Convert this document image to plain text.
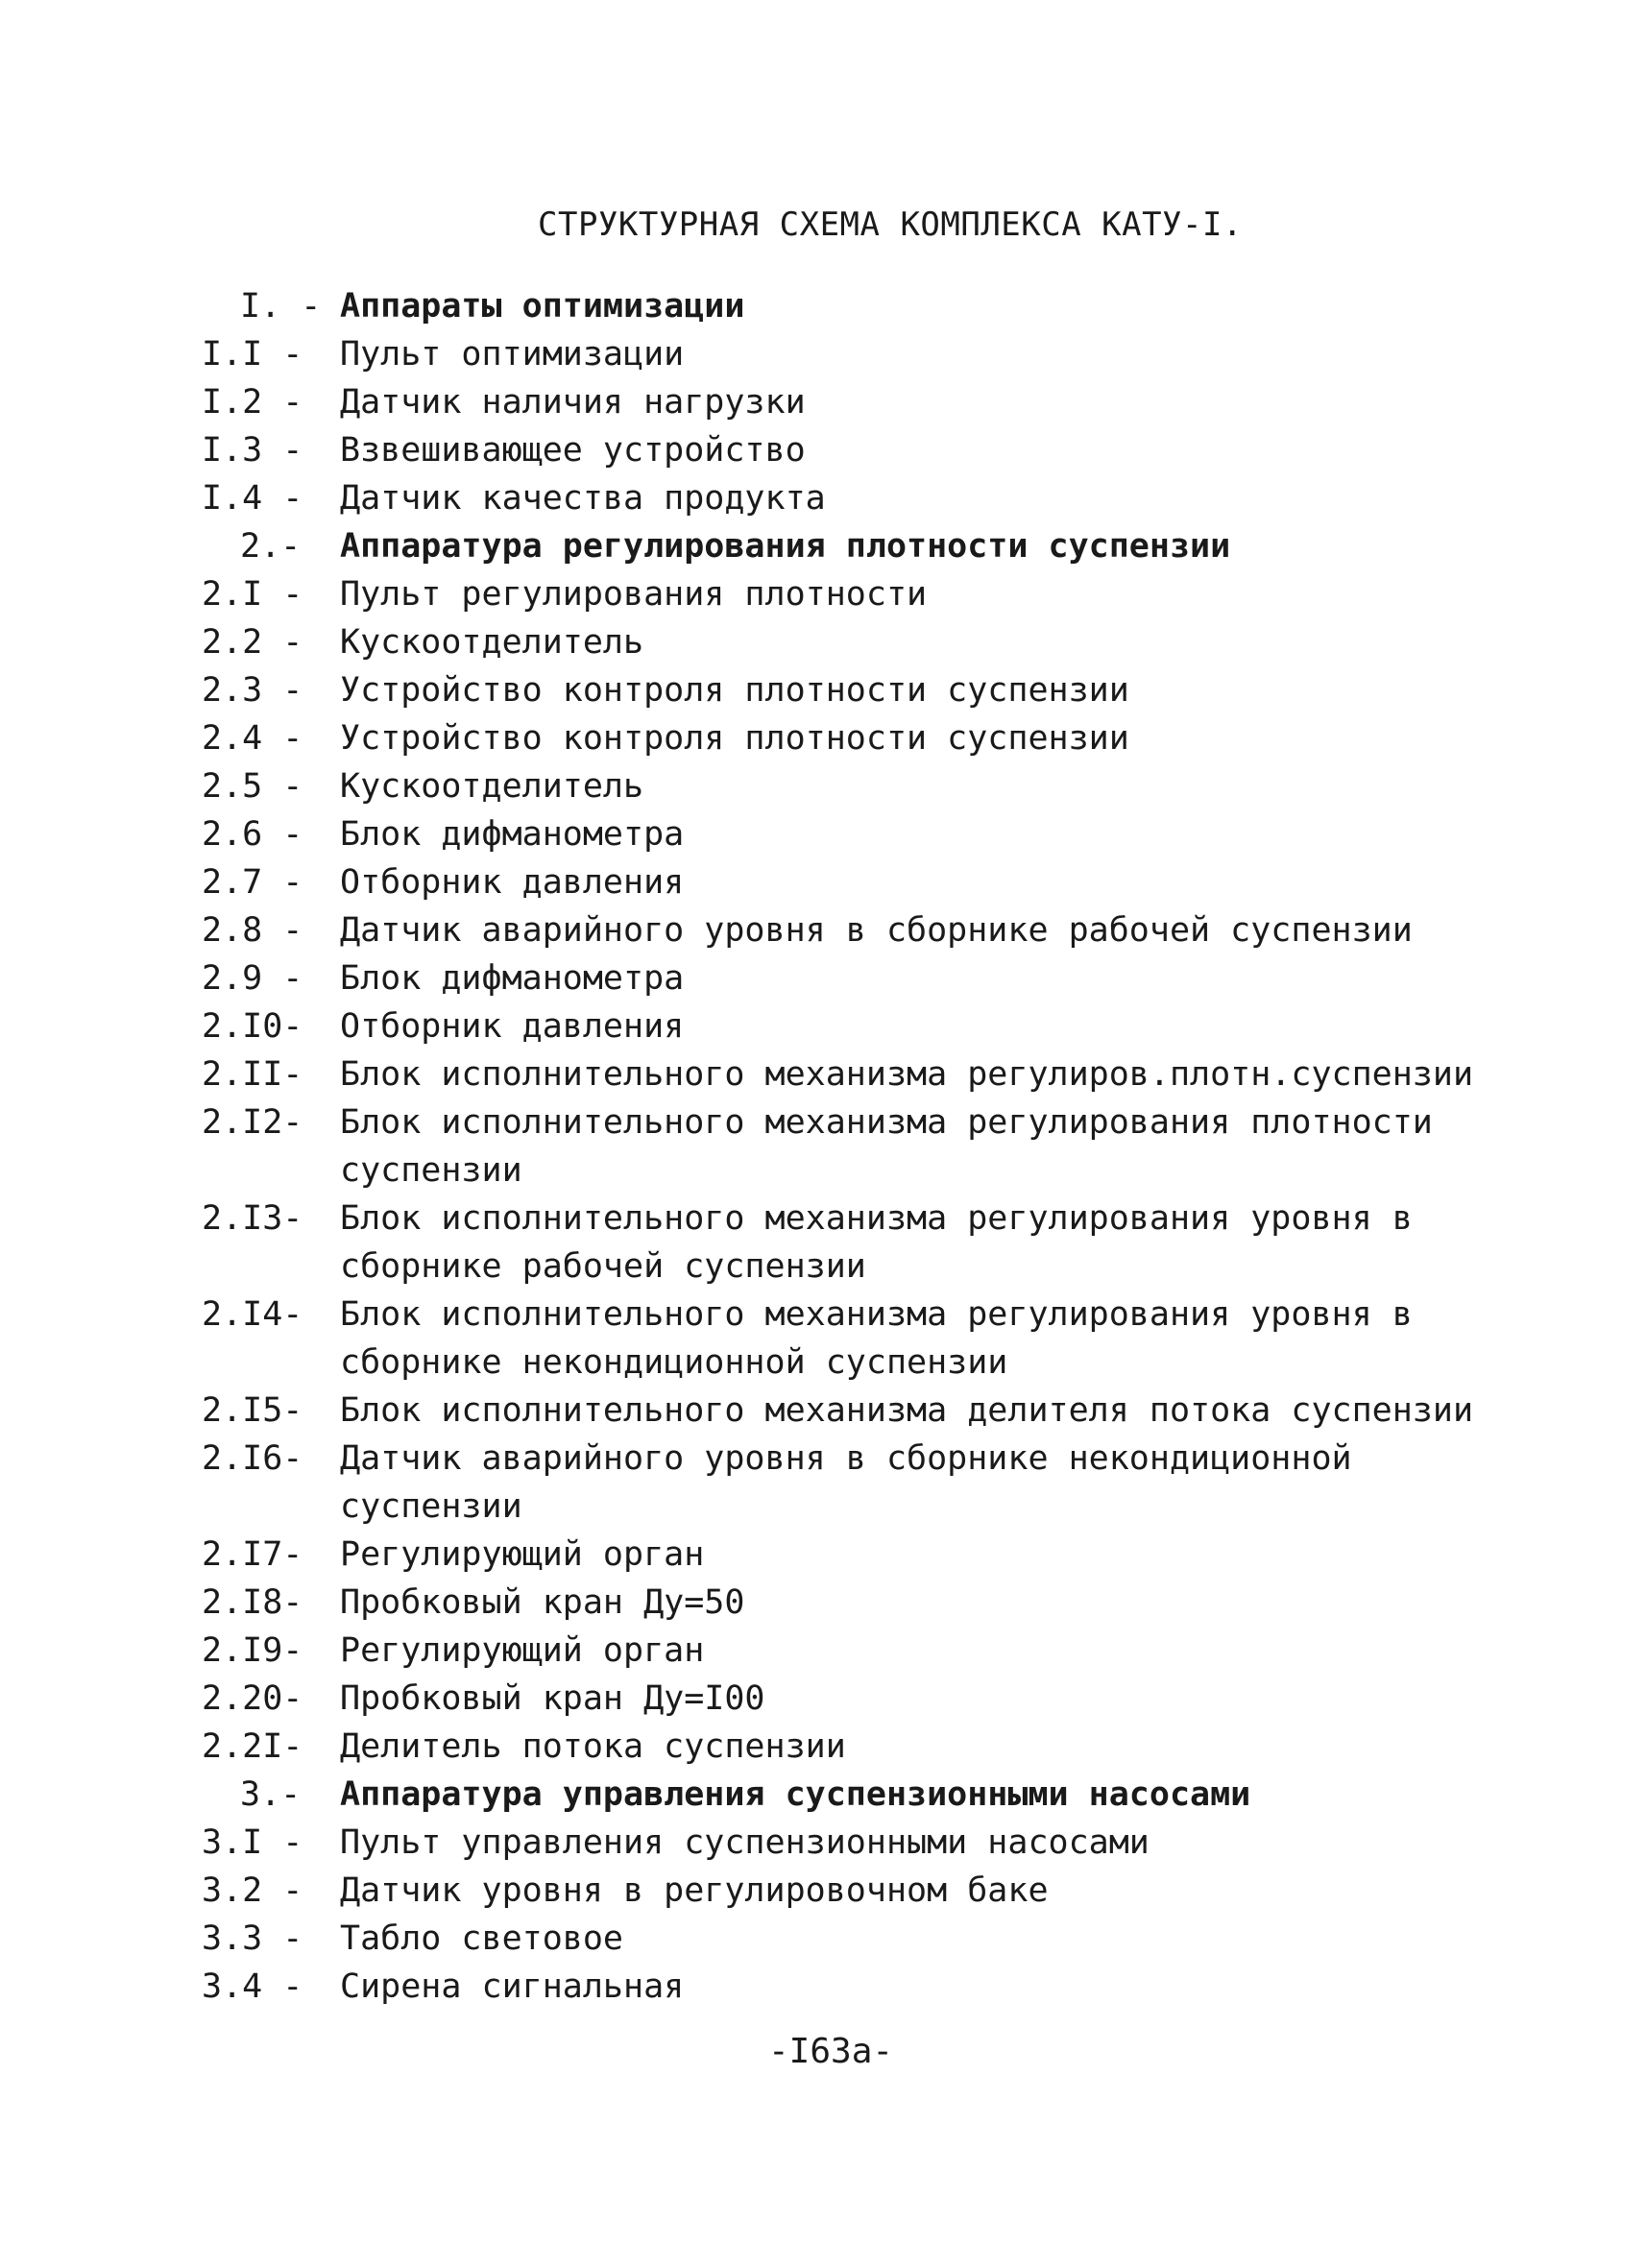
СТРУКТУРНАЯ СХЕМА КОМПЛЕКСА КАТУ-I.
I. - Аппараты оптимизации
I.I -	Пульт оптимизации
I.2 -	Датчик наличия нагрузки
I.3 -	Взвешивающее устройство
I.4 -	Датчик качества продукта
2.-	Аппаратура регулирования плотности суспензии
2.I -	Пульт регулирования плотности
2.2 -	Кускоотделитель
2.3 -	Устройство контроля плотности суспензии
2.4 -	Устройство контроля плотности суспензии
2.5 -	Кускоотделитель
2.6 -	Блок дифманометра
2.7 -	Отборник давления
2.8 -	Датчик аварийного уровня в сборнике рабочей суспензии
2.9 -	Блок дифманометра
2.I0-	Отборник давления
2.II-	Блок исполнительного механизма регулиров.плотн.суспензии
2.I2-	Блок исполнительного механизма регулирования плотности суспензии
2.I3-	Блок исполнительного механизма регулирования уровня в сборнике рабочей суспензии
2.I4-	Блок исполнительного механизма регулирования уровня в сборнике некондиционной суспензии
2.I5-	Блок исполнительного механизма делителя потока суспензии
2.I6-	Датчик аварийного уровня в сборнике некондиционной суспензии
2.I7-	Регулирующий орган
2.I8-	Пробковый кран Ду=50
2.I9-	Регулирующий орган
2.20-	Пробковый кран Ду=I00
2.2I-	Делитель потока суспензии
3.-	Аппаратура управления суспензионными насосами
3.I -	Пульт управления суспензионными насосами
3.2 -	Датчик уровня в регулировочном баке
3.3 -	Табло световое
3.4 -	Сирена сигнальная
-I63а-
